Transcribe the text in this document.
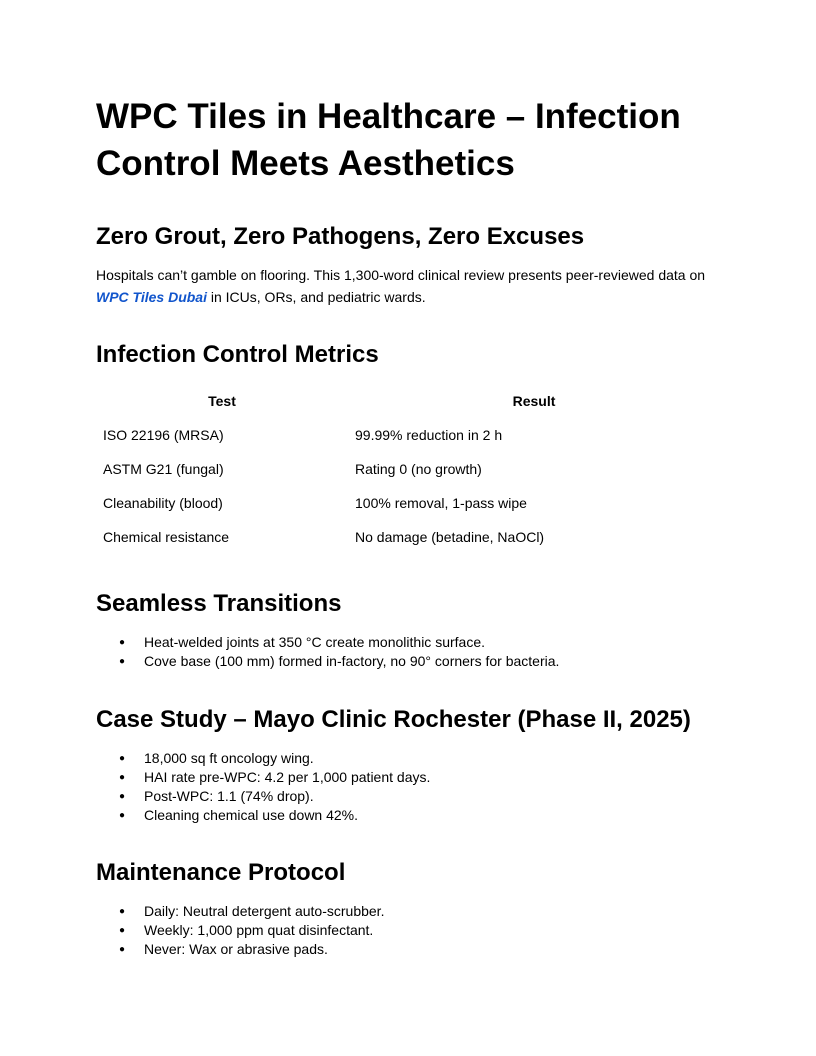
WPC Tiles in Healthcare – Infection Control Meets Aesthetics
Zero Grout, Zero Pathogens, Zero Excuses

Hospitals can’t gamble on flooring. This 1,300-word clinical review presents peer-reviewed data on WPC Tiles Dubai in ICUs, ORs, and pediatric wards.

Infection Control Metrics
Test	Result
ISO 22196 (MRSA)	99.99% reduction in 2 h
ASTM G21 (fungal)	Rating 0 (no growth)
Cleanability (blood)	100% removal, 1-pass wipe
Chemical resistance	No damage (betadine, NaOCl)
Seamless Transitions
● Heat-welded joints at 350 °C create monolithic surface.
● Cove base (100 mm) formed in-factory, no 90° corners for bacteria.
Case Study – Mayo Clinic Rochester (Phase II, 2025)
● 18,000 sq ft oncology wing.
● HAI rate pre-WPC: 4.2 per 1,000 patient days.
● Post-WPC: 1.1 (74% drop).
● Cleaning chemical use down 42%.
Maintenance Protocol
● Daily: Neutral detergent auto-scrubber.
● Weekly: 1,000 ppm quat disinfectant.
● Never: Wax or abrasive pads.
